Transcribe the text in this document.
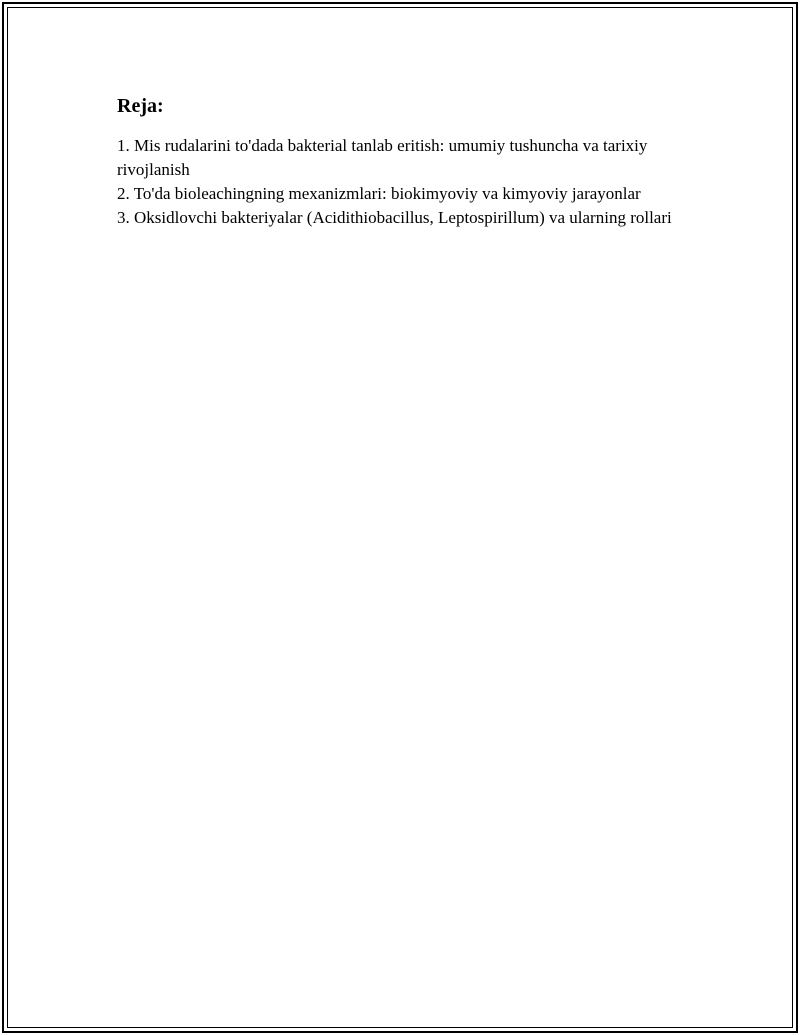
Reja:
1. Mis rudalarini to'dada bakterial tanlab eritish: umumiy tushuncha va tarixiy rivojlanish
2. To'da bioleachingning mexanizmlari: biokimyoviy va kimyoviy jarayonlar
3. Oksidlovchi bakteriyalar (Acidithiobacillus, Leptospirillum) va ularning rollari
